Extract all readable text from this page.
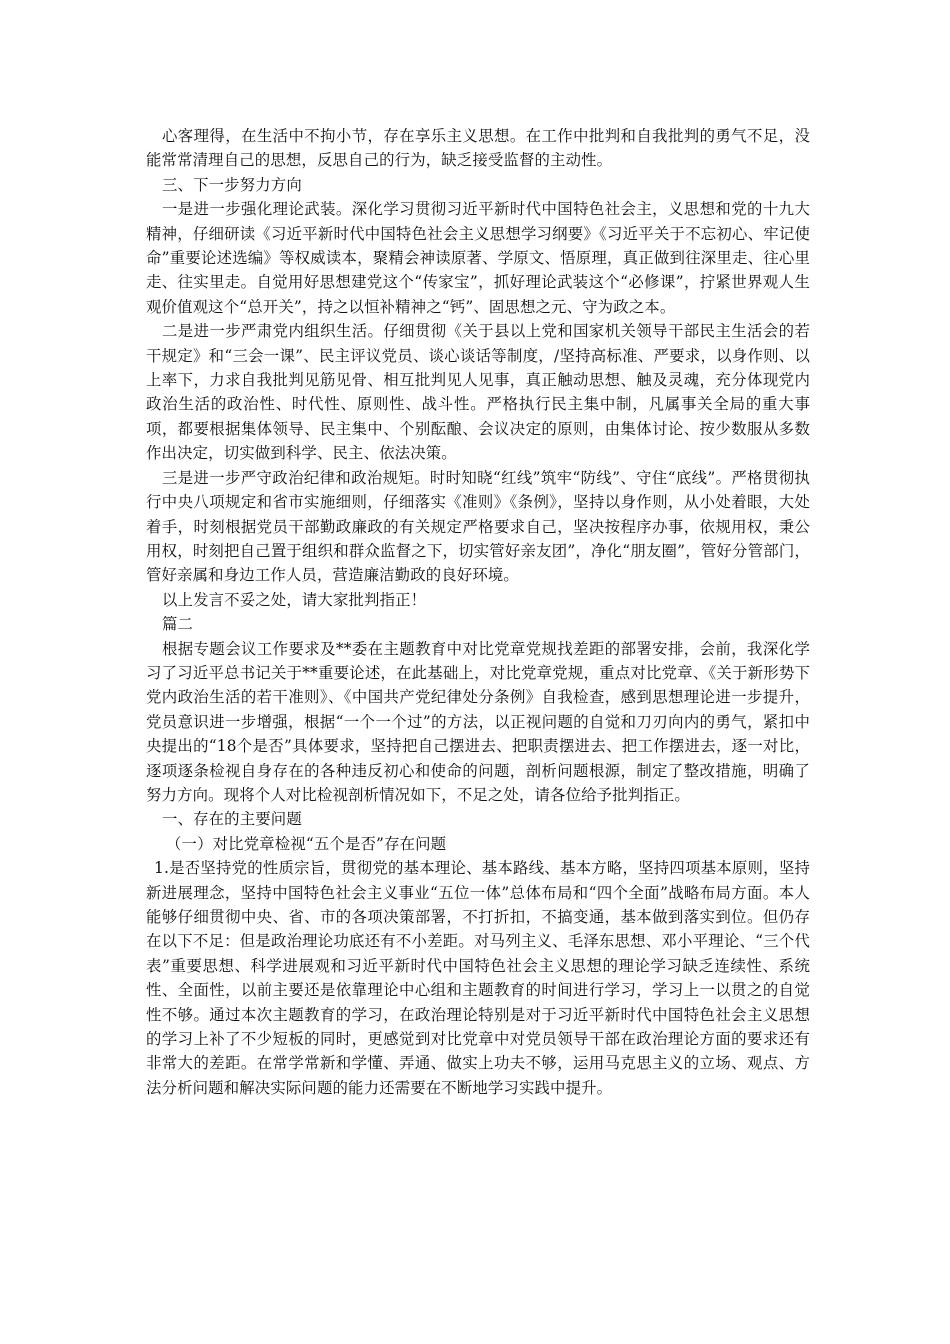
心客理得，在生活中不拘小节，存在享乐主义思想。在工作中批判和自我批判的勇气不足，没能常常清理自己的思想，反思自己的行为，缺乏接受监督的主动性。

三、下一步努力方向

一是进一步强化理论武装。深化学习贯彻习近平新时代中国特色社会主，义思想和党的十九大精神，仔细研读《习近平新时代中国特色社会主义思想学习纲要》《习近平关于不忘初心、牢记使命”重要论述选编》等权威读本，聚精会神读原著、学原文、悟原理，真正做到往深里走、往心里走、往实里走。自觉用好思想建党这个“传家宝”，抓好理论武装这个“必修课”，拧紧世界观人生观价值观这个“总开关”，持之以恒补精神之“钙”、固思想之元、守为政之本。

二是进一步严肃党内组织生活。仔细贯彻《关于县以上党和国家机关领导干部民主生活会的若干规定》和“三会一课”、民主评议党员、谈心谈话等制度，/坚持高标准、严要求，以身作则、以上率下，力求自我批判见筋见骨、相互批判见人见事，真正触动思想、触及灵魂，充分体现党内政治生活的政治性、时代性、原则性、战斗性。严格执行民主集中制，凡属事关全局的重大事项，都要根据集体领导、民主集中、个别酝酿、会议决定的原则，由集体讨论、按少数服从多数作出决定，切实做到科学、民主、依法决策。

三是进一步严守政治纪律和政治规矩。时时知晓“红线”筑牢“防线”、守住“底线”。严格贯彻执行中央八项规定和省市实施细则，仔细落实《准则》《条例》，坚持以身作则，从小处着眼，大处着手，时刻根据党员干部勤政廉政的有关规定严格要求自己，坚决按程序办事，依规用权，秉公用权，时刻把自己置于组织和群众监督之下，切实管好亲友团”，净化“朋友圈”，管好分管部门，管好亲属和身边工作人员，营造廉洁勤政的良好环境。

以上发言不妥之处，请大家批判指正！

篇二

根据专题会议工作要求及**委在主题教育中对比党章党规找差距的部署安排，会前，我深化学习了习近平总书记关于**重要论述，在此基础上，对比党章党规，重点对比党章、《关于新形势下党内政治生活的若干准则》、《中国共产党纪律处分条例》自我检查，感到思想理论进一步提升，党员意识进一步增强，根据“一个一个过”的方法，以正视问题的自觉和刀刃向内的勇气，紧扣中央提出的“18个是否”具体要求，坚持把自己摆进去、把职责摆进去、把工作摆进去，逐一对比，逐项逐条检视自身存在的各种违反初心和使命的问题，剖析问题根源，制定了整改措施，明确了努力方向。现将个人对比检视剖析情况如下，不足之处，请各位给予批判指正。

一、存在的主要问题

（一）对比党章检视“五个是否”存在问题

1.是否坚持党的性质宗旨，贯彻党的基本理论、基本路线、基本方略，坚持四项基本原则，坚持新进展理念，坚持中国特色社会主义事业“五位一体”总体布局和“四个全面”战略布局方面。本人能够仔细贯彻中央、省、市的各项决策部署，不打折扣，不搞变通，基本做到落实到位。但仍存在以下不足：但是政治理论功底还有不小差距。对马列主义、毛泽东思想、邓小平理论、“三个代表”重要思想、科学进展观和习近平新时代中国特色社会主义思想的理论学习缺乏连续性、系统性、全面性，以前主要还是依靠理论中心组和主题教育的时间进行学习，学习上一以贯之的自觉性不够。通过本次主题教育的学习，在政治理论特别是对于习近平新时代中国特色社会主义思想的学习上补了不少短板的同时，更感觉到对比党章中对党员领导干部在政治理论方面的要求还有非常大的差距。在常学常新和学懂、弄通、做实上功夫不够，运用马克思主义的立场、观点、方法分析问题和解决实际问题的能力还需要在不断地学习实践中提升。
